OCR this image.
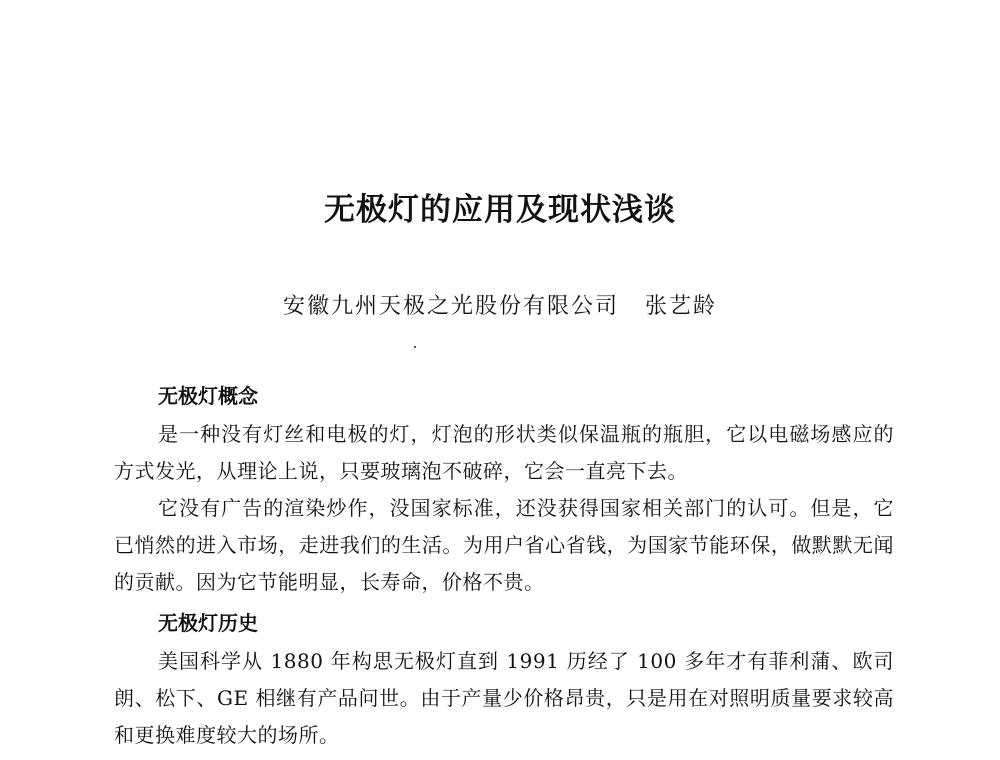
无极灯的应用及现状浅谈
安徽九州天极之光股份有限公司 张艺龄
无极灯概念

是一种没有灯丝和电极的灯，灯泡的形状类似保温瓶的瓶胆，它以电磁场感应的方式发光，从理论上说，只要玻璃泡不破碎，它会一直亮下去。

它没有广告的渲染炒作，没国家标准，还没获得国家相关部门的认可。但是，它已悄然的进入市场，走进我们的生活。为用户省心省钱，为国家节能环保，做默默无闻的贡献。因为它节能明显，长寿命，价格不贵。

无极灯历史

美国科学从 1880 年构思无极灯直到 1991 历经了 100 多年才有菲利蒲、欧司朗、松下、GE 相继有产品问世。由于产量少价格昂贵，只是用在对照明质量要求较高和更换难度较大的场所。
